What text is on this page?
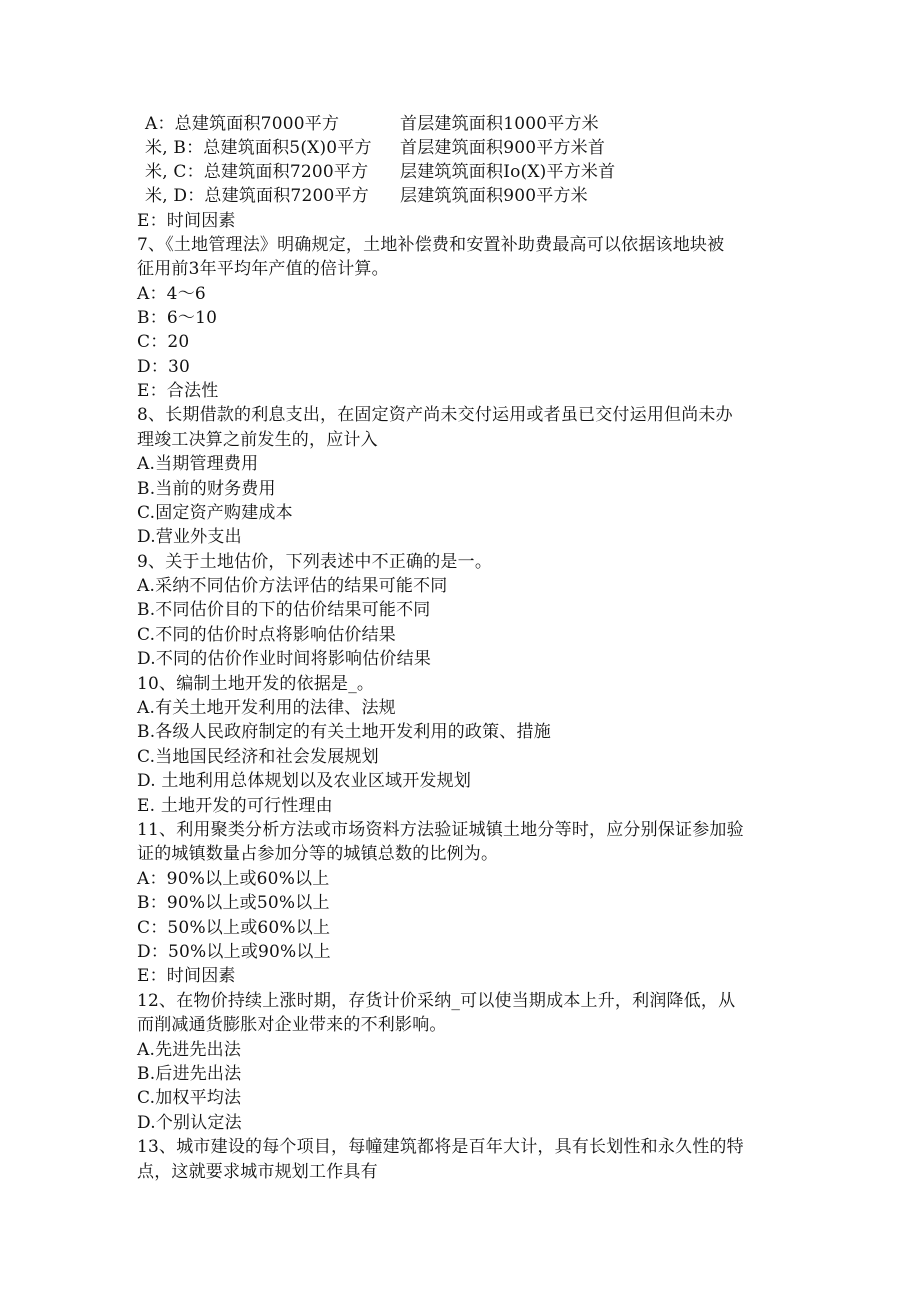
A：总建筑面积7000平方	首层建筑面积1000平方米
米, B：总建筑面积5(X)0平方 首层建筑面积900平方米首
米, C：总建筑面积7200平方 层建筑筑面积Io(X)平方米首
米, D：总建筑面积7200平方 层建筑筑面积900平方米
E：时间因素
7、《土地管理法》明确规定，土地补偿费和安置补助费最高可以依据该地块被
征用前3年平均年产值的倍计算。
A：4～6
B：6～10
C：20
D：30
E：合法性
8、长期借款的利息支出，在固定资产尚未交付运用或者虽已交付运用但尚未办
理竣工决算之前发生的，应计入
A.当期管理费用
B.当前的财务费用
C.固定资产购建成本
D.营业外支出
9、关于土地估价，下列表述中不正确的是一。
A.采纳不同估价方法评估的结果可能不同
B.不同估价目的下的估价结果可能不同
C.不同的估价时点将影响估价结果
D.不同的估价作业时间将影响估价结果
10、编制土地开发的依据是_。
A.有关土地开发利用的法律、法规
B.各级人民政府制定的有关土地开发利用的政策、措施
C.当地国民经济和社会发展规划
D. 土地利用总体规划以及农业区域开发规划
E. 土地开发的可行性理由
11、利用聚类分析方法或市场资料方法验证城镇土地分等时，应分别保证参加验
证的城镇数量占参加分等的城镇总数的比例为。
A：90%以上或60%以上
B：90%以上或50%以上
C：50%以上或60%以上
D：50%以上或90%以上
E：时间因素
12、在物价持续上涨时期，存货计价采纳_可以使当期成本上升，利润降低，从
而削减通货膨胀对企业带来的不利影响。
A.先进先出法
B.后进先出法
C.加权平均法
D.个别认定法
13、城市建设的每个项目，每幢建筑都将是百年大计，具有长划性和永久性的特
点，这就要求城市规划工作具有
